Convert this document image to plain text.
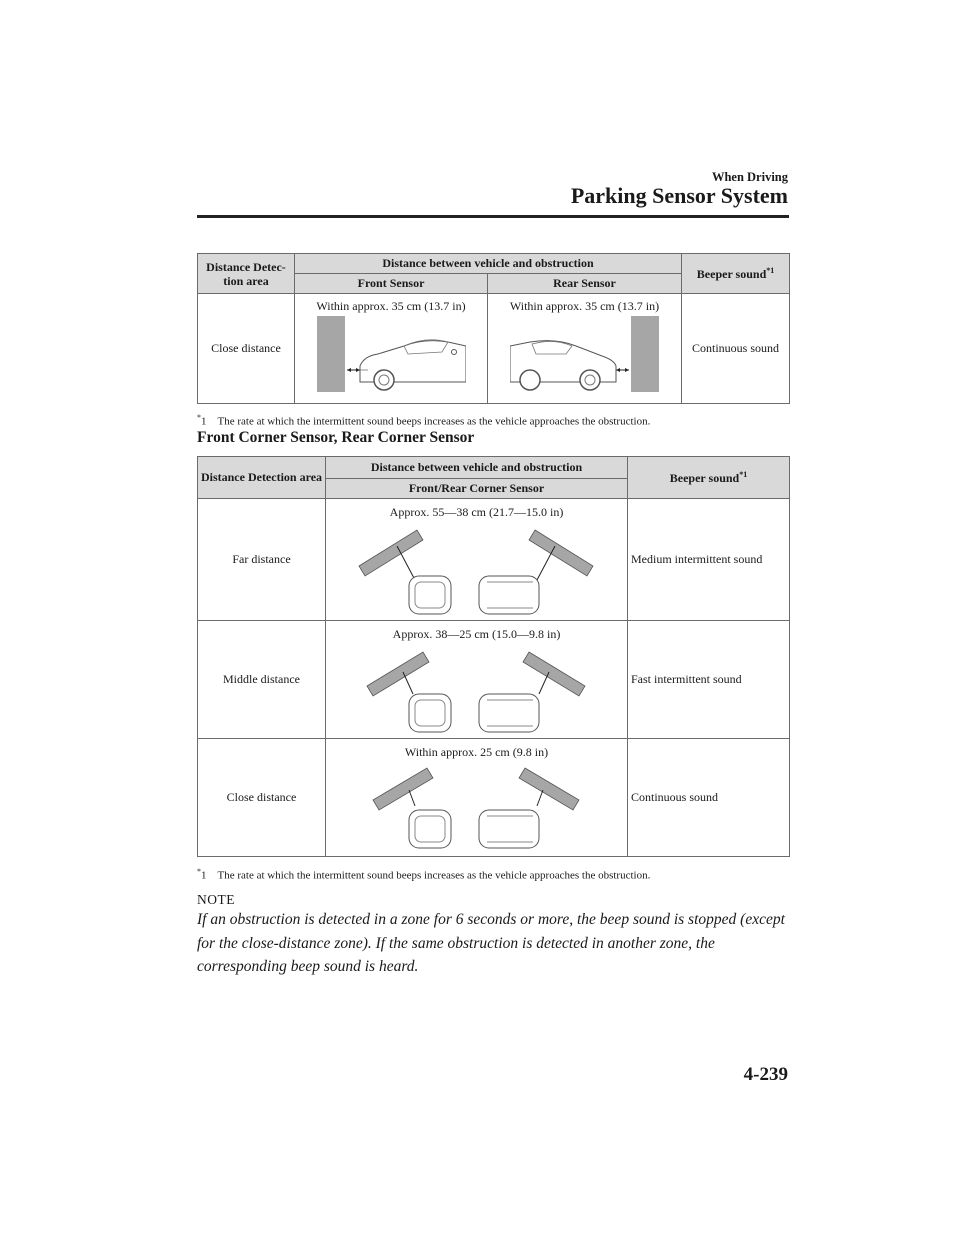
When Driving
Parking Sensor System
Distance Detec-
tion area	Distance between vehicle and obstruction		Beeper sound$^{*1}$
	Front Sensor	Rear Sensor	
Close distance	Within approx. 35 cm (13.7 in)	Within approx. 35 cm (13.7 in)	Continuous sound
*1 The rate at which the intermittent sound beeps increases as the vehicle approaches the obstruction.
Front Corner Sensor, Rear Corner Sensor
Distance Detection area	Distance between vehicle and obstruction	Beeper sound$^{*1}$
	Front/Rear Corner Sensor	
Far distance	Approx. 55―38 cm (21.7―15.0 in)	Medium intermittent sound
Middle distance	Approx. 38―25 cm (15.0―9.8 in)	Fast intermittent sound
Close distance	Within approx. 25 cm (9.8 in)	Continuous sound
*1 The rate at which the intermittent sound beeps increases as the vehicle approaches the obstruction.
NOTE
If an obstruction is detected in a zone for 6 seconds or more, the beep sound is stopped (except for the close-distance zone). If the same obstruction is detected in another zone, the corresponding beep sound is heard.
4-239
